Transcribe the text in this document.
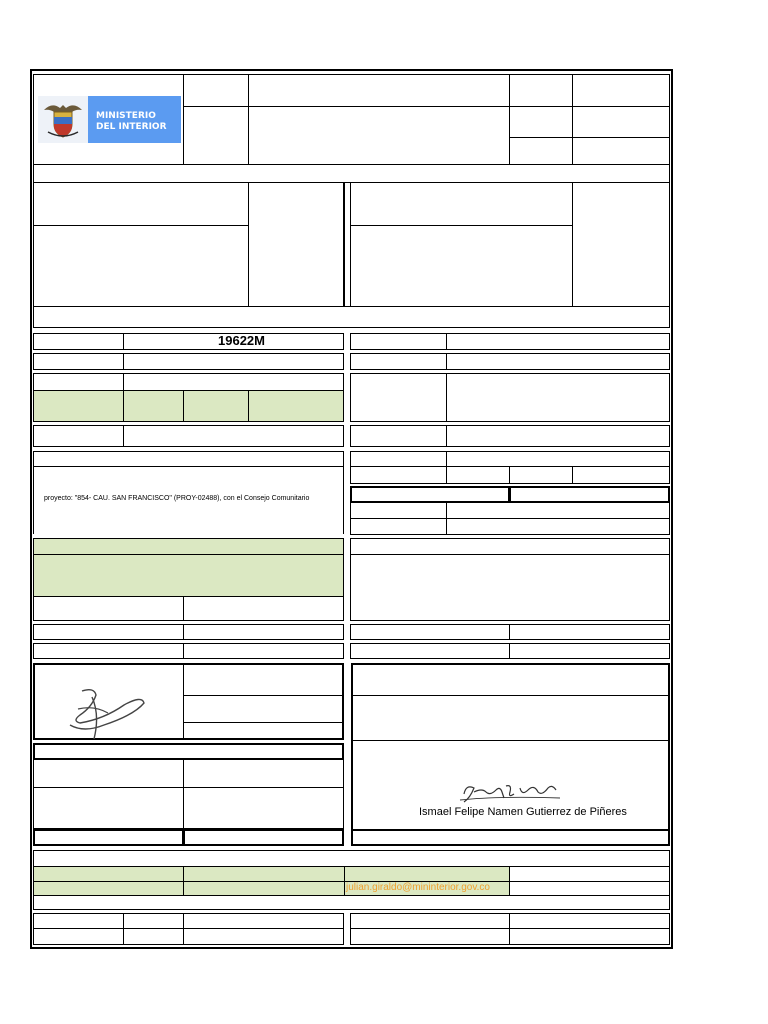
MINISTERIO
DEL INTERIOR
19622M
proyecto: "854- CAU. SAN FRANCISCO" (PROY-02488), con el Consejo Comunitario
Ismael Felipe Namen Gutierrez de Piñeres
julian.giraldo@mininterior.gov.co
